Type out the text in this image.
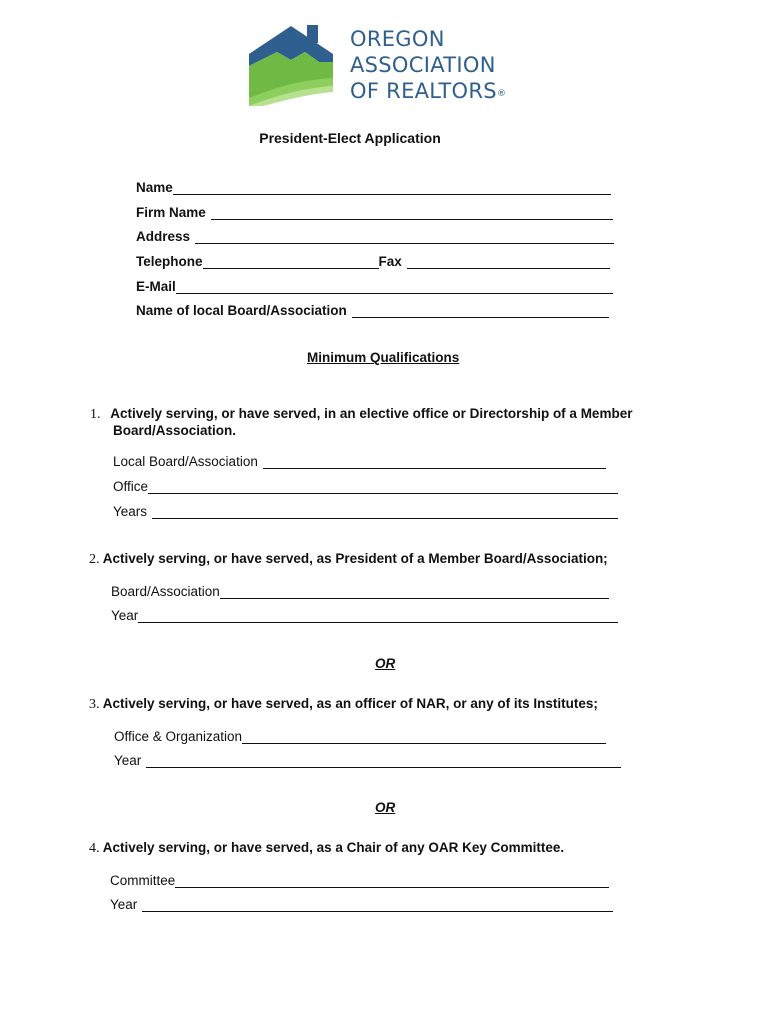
OREGON
ASSOCIATION
OF REALTORS®
President-Elect Application
Name
Firm Name
Address
Telephone	Fax
E-Mail
Name of local Board/Association
Minimum Qualifications
1. Actively serving, or have served, in an elective office or Directorship of a Member
Board/Association.
Local Board/Association
Office
Years
2. Actively serving, or have served, as President of a Member Board/Association;
Board/Association
Year
OR
3. Actively serving, or have served, as an officer of NAR, or any of its Institutes;
Office & Organization
Year
OR
4. Actively serving, or have served, as a Chair of any OAR Key Committee.
Committee
Year
